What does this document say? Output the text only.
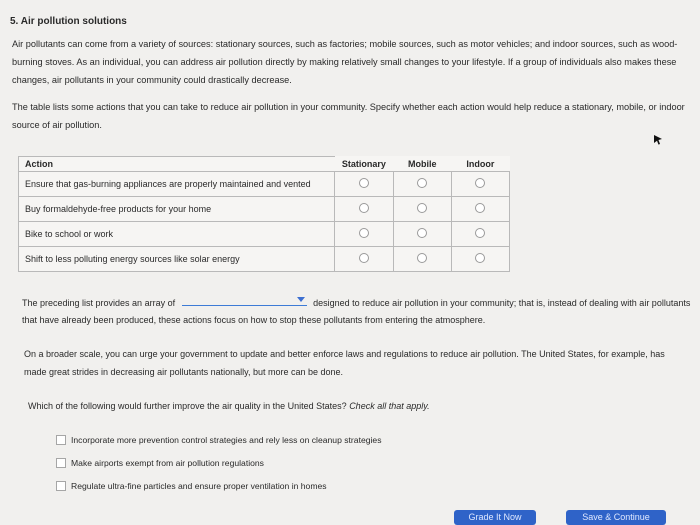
5. Air pollution solutions
Air pollutants can come from a variety of sources: stationary sources, such as factories; mobile sources, such as motor vehicles; and indoor sources, such as wood-burning stoves. As an individual, you can address air pollution directly by making relatively small changes to your lifestyle. If a group of individuals also makes these changes, air pollutants in your community could drastically decrease.
The table lists some actions that you can take to reduce air pollution in your community. Specify whether each action would help reduce a stationary, mobile, or indoor source of air pollution.
Action	Stationary	Mobile	Indoor
Ensure that gas-burning appliances are properly maintained and vented			
Buy formaldehyde-free products for your home			
Bike to school or work			
Shift to less polluting energy sources like solar energy			
The preceding list provides an array of	designed to reduce air pollution in your community; that is, instead of dealing with air pollutants that have already been produced, these actions focus on how to stop these pollutants from entering the atmosphere.
On a broader scale, you can urge your government to update and better enforce laws and regulations to reduce air pollution. The United States, for example, has made great strides in decreasing air pollutants nationally, but more can be done.
Which of the following would further improve the air quality in the United States? Check all that apply.
Incorporate more prevention control strategies and rely less on cleanup strategies
Make airports exempt from air pollution regulations
Regulate ultra-fine particles and ensure proper ventilation in homes
Grade It Now	Save & Continue
